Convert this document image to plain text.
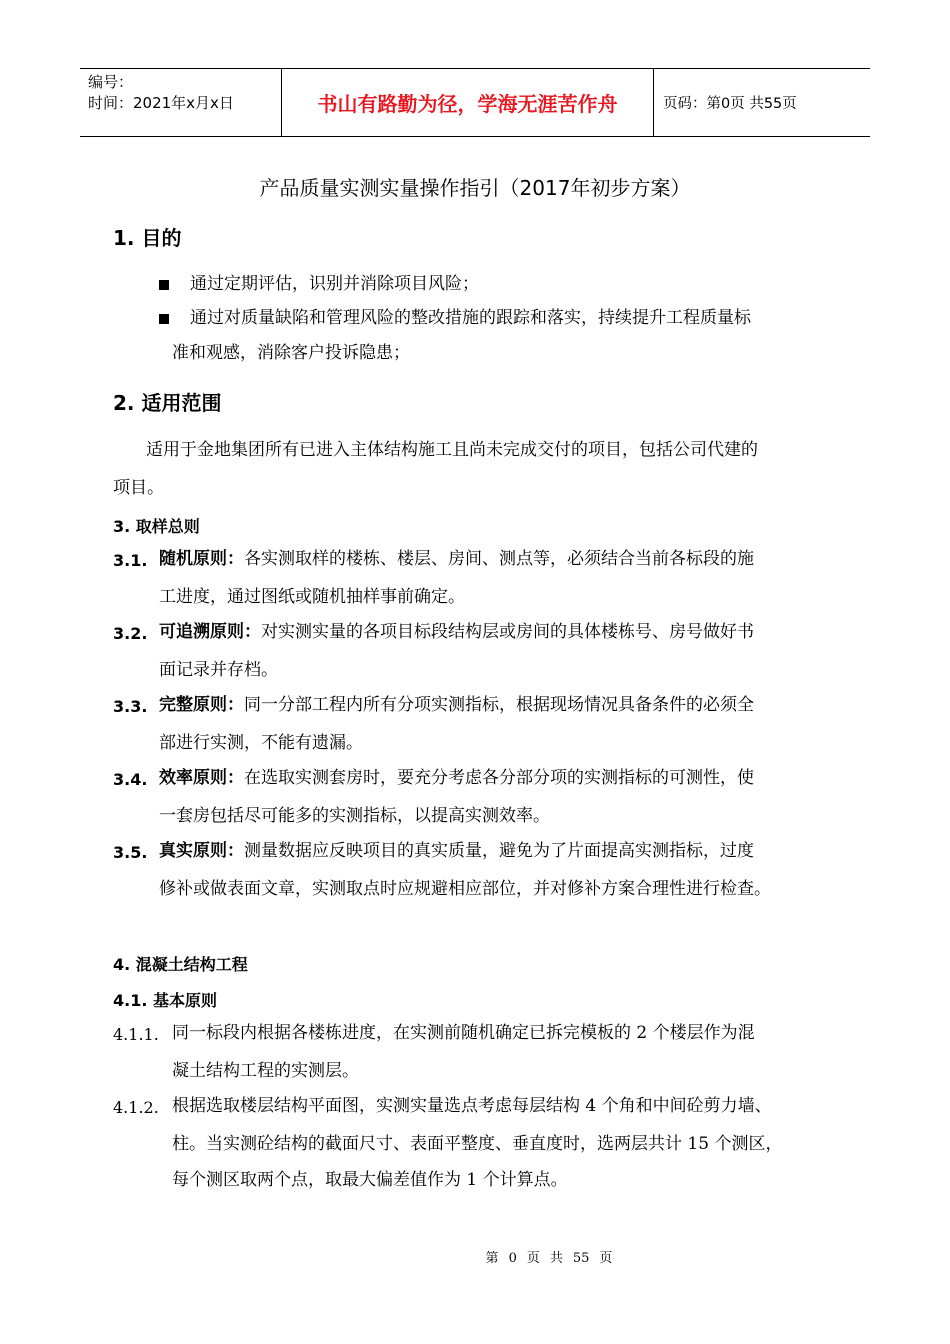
编号：
时间：2021年x月x日	书山有路勤为径，学海无涯苦作舟	页码：第0页 共55页
产品质量实测实量操作指引（2017年初步方案）
1. 目的
通过定期评估，识别并消除项目风险；
通过对质量缺陷和管理风险的整改措施的跟踪和落实，持续提升工程质量标
准和观感，消除客户投诉隐患；
2. 适用范围
适用于金地集团所有已进入主体结构施工且尚未完成交付的项目，包括公司代建的
项目。
3. 取样总则
3.1. 随机原则：各实测取样的楼栋、楼层、房间、测点等，必须结合当前各标段的施
工进度，通过图纸或随机抽样事前确定。
3.2. 可追溯原则：对实测实量的各项目标段结构层或房间的具体楼栋号、房号做好书
面记录并存档。
3.3. 完整原则：同一分部工程内所有分项实测指标，根据现场情况具备条件的必须全
部进行实测，不能有遗漏。
3.4. 效率原则：在选取实测套房时，要充分考虑各分部分项的实测指标的可测性，使
一套房包括尽可能多的实测指标，以提高实测效率。
3.5. 真实原则：测量数据应反映项目的真实质量，避免为了片面提高实测指标，过度
修补或做表面文章，实测取点时应规避相应部位，并对修补方案合理性进行检查。
4. 混凝土结构工程
4.1. 基本原则
4.1.1. 同一标段内根据各楼栋进度，在实测前随机确定已拆完模板的 2 个楼层作为混
凝土结构工程的实测层。
4.1.2. 根据选取楼层结构平面图，实测实量选点考虑每层结构 4 个角和中间砼剪力墙、
柱。当实测砼结构的截面尺寸、表面平整度、垂直度时，选两层共计 15 个测区，
每个测区取两个点，取最大偏差值作为 1 个计算点。
第 0 页 共 55 页
